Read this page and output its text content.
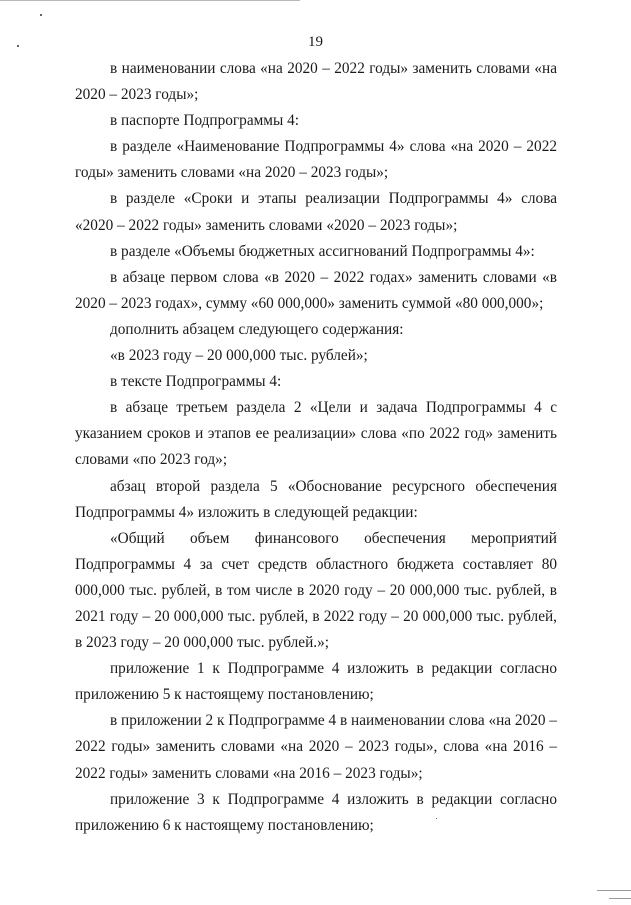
19

в наименовании слова «на 2020 – 2022 годы» заменить словами «на 2020 – 2023 годы»;

в паспорте Подпрограммы 4:

в разделе «Наименование Подпрограммы 4» слова «на 2020 – 2022 годы» заменить словами «на 2020 – 2023 годы»;

в разделе «Сроки и этапы реализации Подпрограммы 4» слова «2020 – 2022 годы» заменить словами «2020 – 2023 годы»;

в разделе «Объемы бюджетных ассигнований Подпрограммы 4»:

в абзаце первом слова «в 2020 – 2022 годах» заменить словами «в 2020 – 2023 годах», сумму «60 000,000» заменить суммой «80 000,000»;

дополнить абзацем следующего содержания:

«в 2023 году – 20 000,000 тыс. рублей»;

в тексте Подпрограммы 4:

в абзаце третьем раздела 2 «Цели и задача Подпрограммы 4 с указанием сроков и этапов ее реализации» слова «по 2022 год» заменить словами «по 2023 год»;

абзац второй раздела 5 «Обоснование ресурсного обеспечения Подпрограммы 4» изложить в следующей редакции:

«Общий объем финансового обеспечения мероприятий Подпрограммы 4 за счет средств областного бюджета составляет 80 000,000 тыс. рублей, в том числе в 2020 году – 20 000,000 тыс. рублей, в 2021 году – 20 000,000 тыс. рублей, в 2022 году – 20 000,000 тыс. рублей, в 2023 году – 20 000,000 тыс. рублей.»;

приложение 1 к Подпрограмме 4 изложить в редакции согласно приложению 5 к настоящему постановлению;

в приложении 2 к Подпрограмме 4 в наименовании слова «на 2020 – 2022 годы» заменить словами «на 2020 – 2023 годы», слова «на 2016 – 2022 годы» заменить словами «на 2016 – 2023 годы»;

приложение 3 к Подпрограмме 4 изложить в редакции согласно приложению 6 к настоящему постановлению;
